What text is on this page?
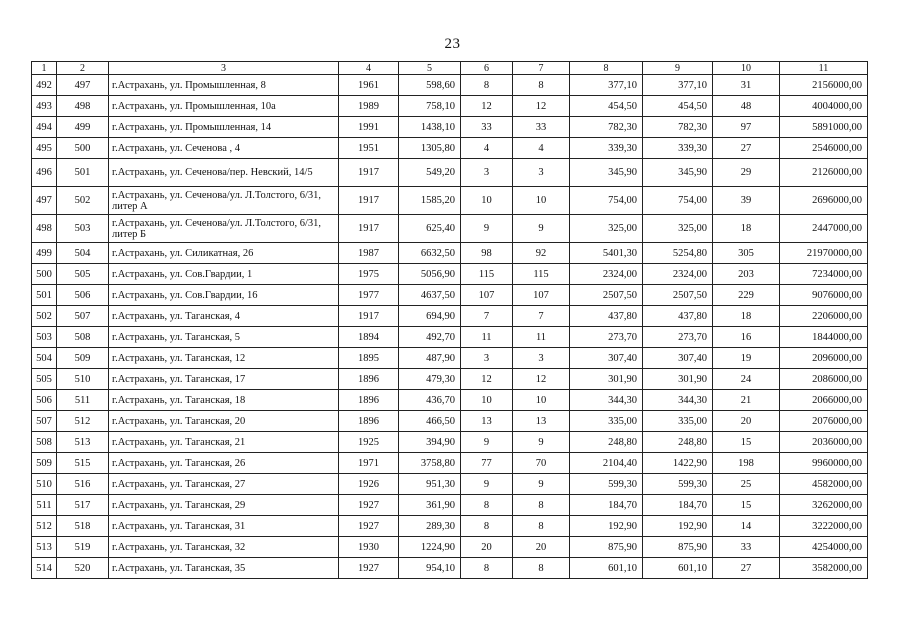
23
1	2	3	4	5	6	7	8	9	10	11
492	497	г.Астрахань, ул. Промышленная, 8	1961	598,60	8	8	377,10	377,10	31	2156000,00
493	498	г.Астрахань, ул. Промышленная, 10а	1989	758,10	12	12	454,50	454,50	48	4004000,00
494	499	г.Астрахань, ул. Промышленная, 14	1991	1438,10	33	33	782,30	782,30	97	5891000,00
495	500	г.Астрахань, ул. Сеченова , 4	1951	1305,80	4	4	339,30	339,30	27	2546000,00
496	501	г.Астрахань, ул. Сеченова/пер. Невский, 14/5	1917	549,20	3	3	345,90	345,90	29	2126000,00
497	502	г.Астрахань, ул. Сеченова/ул. Л.Толстого, 6/31, литер А	1917	1585,20	10	10	754,00	754,00	39	2696000,00
498	503	г.Астрахань, ул. Сеченова/ул. Л.Толстого, 6/31, литер Б	1917	625,40	9	9	325,00	325,00	18	2447000,00
499	504	г.Астрахань, ул. Силикатная, 26	1987	6632,50	98	92	5401,30	5254,80	305	21970000,00
500	505	г.Астрахань, ул. Сов.Гвардии, 1	1975	5056,90	115	115	2324,00	2324,00	203	7234000,00
501	506	г.Астрахань, ул. Сов.Гвардии, 16	1977	4637,50	107	107	2507,50	2507,50	229	9076000,00
502	507	г.Астрахань, ул. Таганская, 4	1917	694,90	7	7	437,80	437,80	18	2206000,00
503	508	г.Астрахань, ул. Таганская, 5	1894	492,70	11	11	273,70	273,70	16	1844000,00
504	509	г.Астрахань, ул. Таганская, 12	1895	487,90	3	3	307,40	307,40	19	2096000,00
505	510	г.Астрахань, ул. Таганская, 17	1896	479,30	12	12	301,90	301,90	24	2086000,00
506	511	г.Астрахань, ул. Таганская, 18	1896	436,70	10	10	344,30	344,30	21	2066000,00
507	512	г.Астрахань, ул. Таганская, 20	1896	466,50	13	13	335,00	335,00	20	2076000,00
508	513	г.Астрахань, ул. Таганская, 21	1925	394,90	9	9	248,80	248,80	15	2036000,00
509	515	г.Астрахань, ул. Таганская, 26	1971	3758,80	77	70	2104,40	1422,90	198	9960000,00
510	516	г.Астрахань, ул. Таганская, 27	1926	951,30	9	9	599,30	599,30	25	4582000,00
511	517	г.Астрахань, ул. Таганская, 29	1927	361,90	8	8	184,70	184,70	15	3262000,00
512	518	г.Астрахань, ул. Таганская, 31	1927	289,30	8	8	192,90	192,90	14	3222000,00
513	519	г.Астрахань, ул. Таганская, 32	1930	1224,90	20	20	875,90	875,90	33	4254000,00
514	520	г.Астрахань, ул. Таганская, 35	1927	954,10	8	8	601,10	601,10	27	3582000,00
